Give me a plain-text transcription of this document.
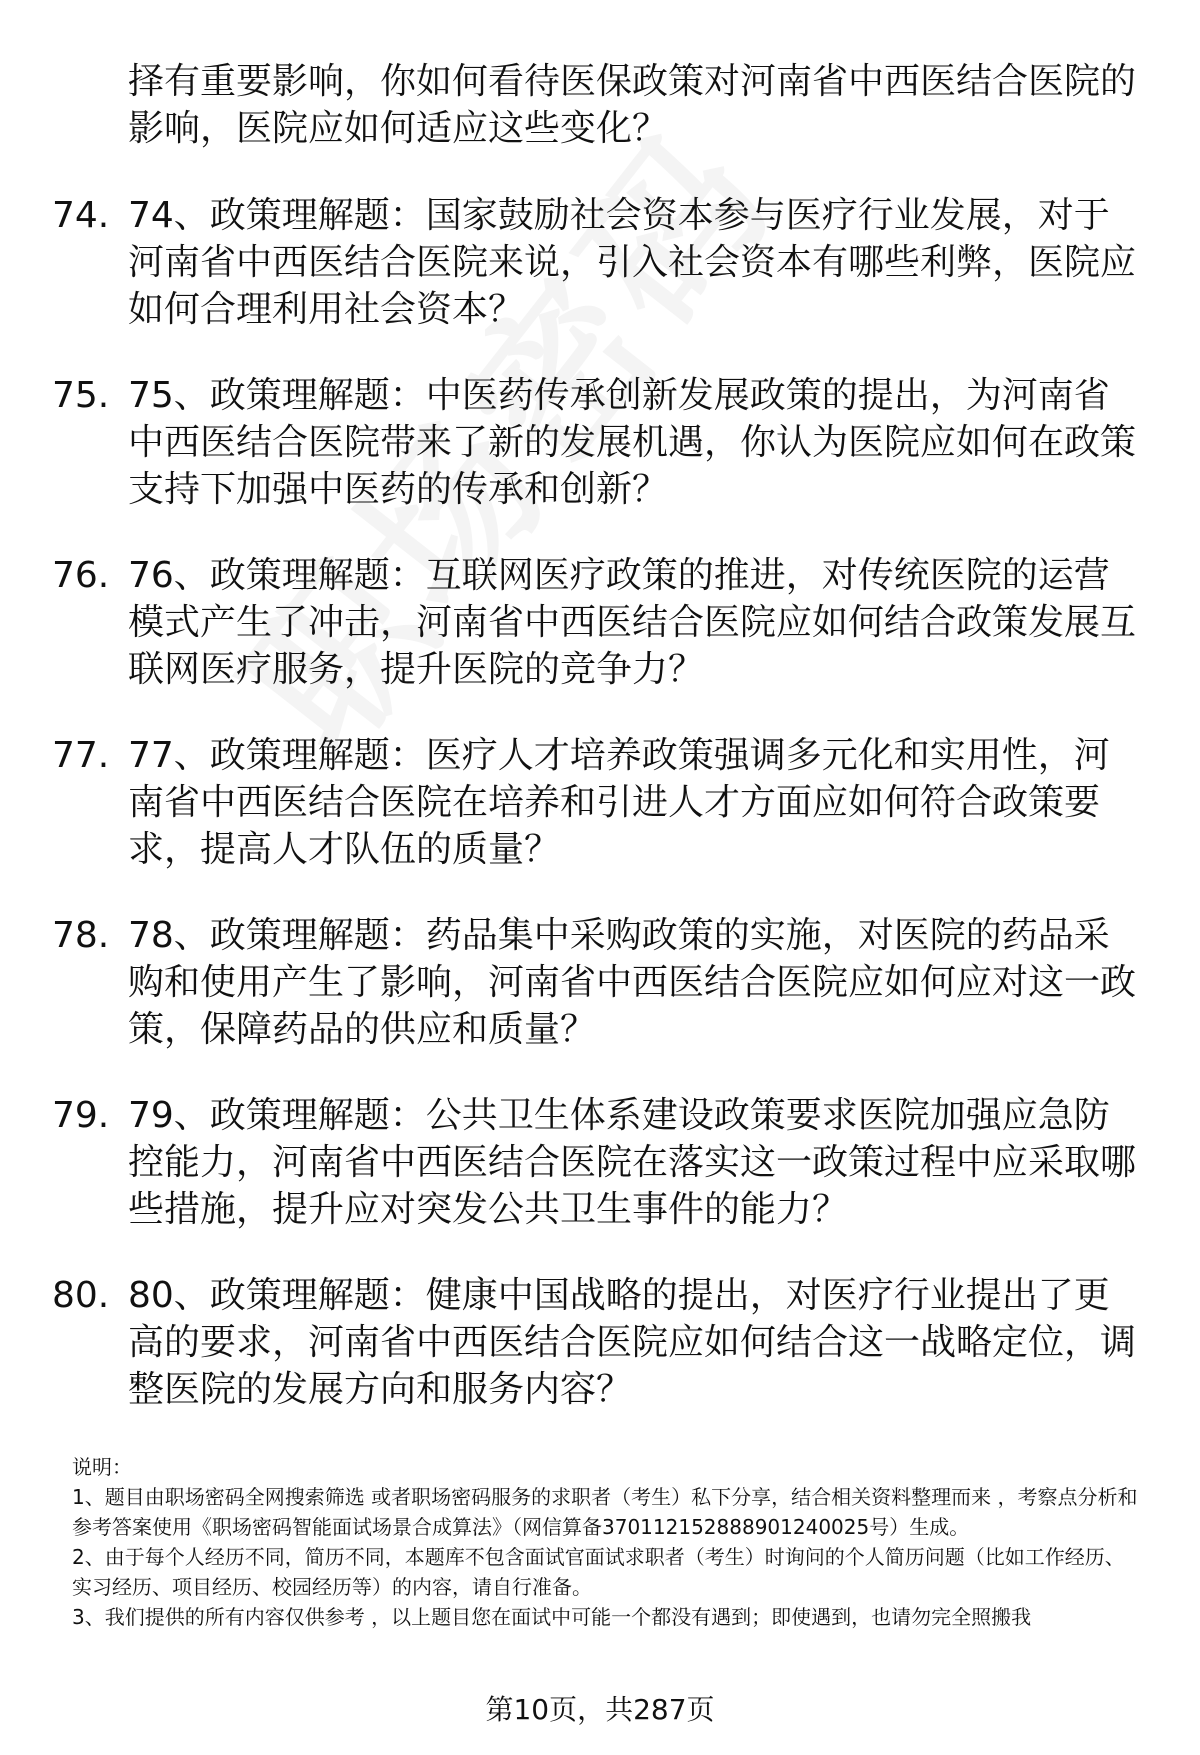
择有重要影响，你如何看待医保政策对河南省中西医结合医院的影响，医院应如何适应这些变化？
74. 74、政策理解题：国家鼓励社会资本参与医疗行业发展，对于河南省中西医结合医院来说，引入社会资本有哪些利弊，医院应如何合理利用社会资本？
75. 75、政策理解题：中医药传承创新发展政策的提出，为河南省中西医结合医院带来了新的发展机遇，你认为医院应如何在政策支持下加强中医药的传承和创新？
76. 76、政策理解题：互联网医疗政策的推进，对传统医院的运营模式产生了冲击，河南省中西医结合医院应如何结合政策发展互联网医疗服务，提升医院的竞争力？
77. 77、政策理解题：医疗人才培养政策强调多元化和实用性，河南省中西医结合医院在培养和引进人才方面应如何符合政策要求，提高人才队伍的质量？
78. 78、政策理解题：药品集中采购政策的实施，对医院的药品采购和使用产生了影响，河南省中西医结合医院应如何应对这一政策，保障药品的供应和质量？
79. 79、政策理解题：公共卫生体系建设政策要求医院加强应急防控能力，河南省中西医结合医院在落实这一政策过程中应采取哪些措施，提升应对突发公共卫生事件的能力？
80. 80、政策理解题：健康中国战略的提出，对医疗行业提出了更高的要求，河南省中西医结合医院应如何结合这一战略定位，调整医院的发展方向和服务内容？

说明：

1、题目由职场密码全网搜索筛选 或者职场密码服务的求职者（考生）私下分享，结合相关资料整理而来 ，考察点分析和参考答案使用《职场密码智能面试场景合成算法》（网信算备370112152888901240025号）生成。

2、由于每个人经历不同，简历不同，本题库不包含面试官面试求职者（考生）时询问的个人简历问题（比如工作经历、实习经历、项目经历、校园经历等）的内容，请自行准备。

3、我们提供的所有内容仅供参考 ，以上题目您在面试中可能一个都没有遇到；即使遇到，也请勿完全照搬我

第10页，共287页
